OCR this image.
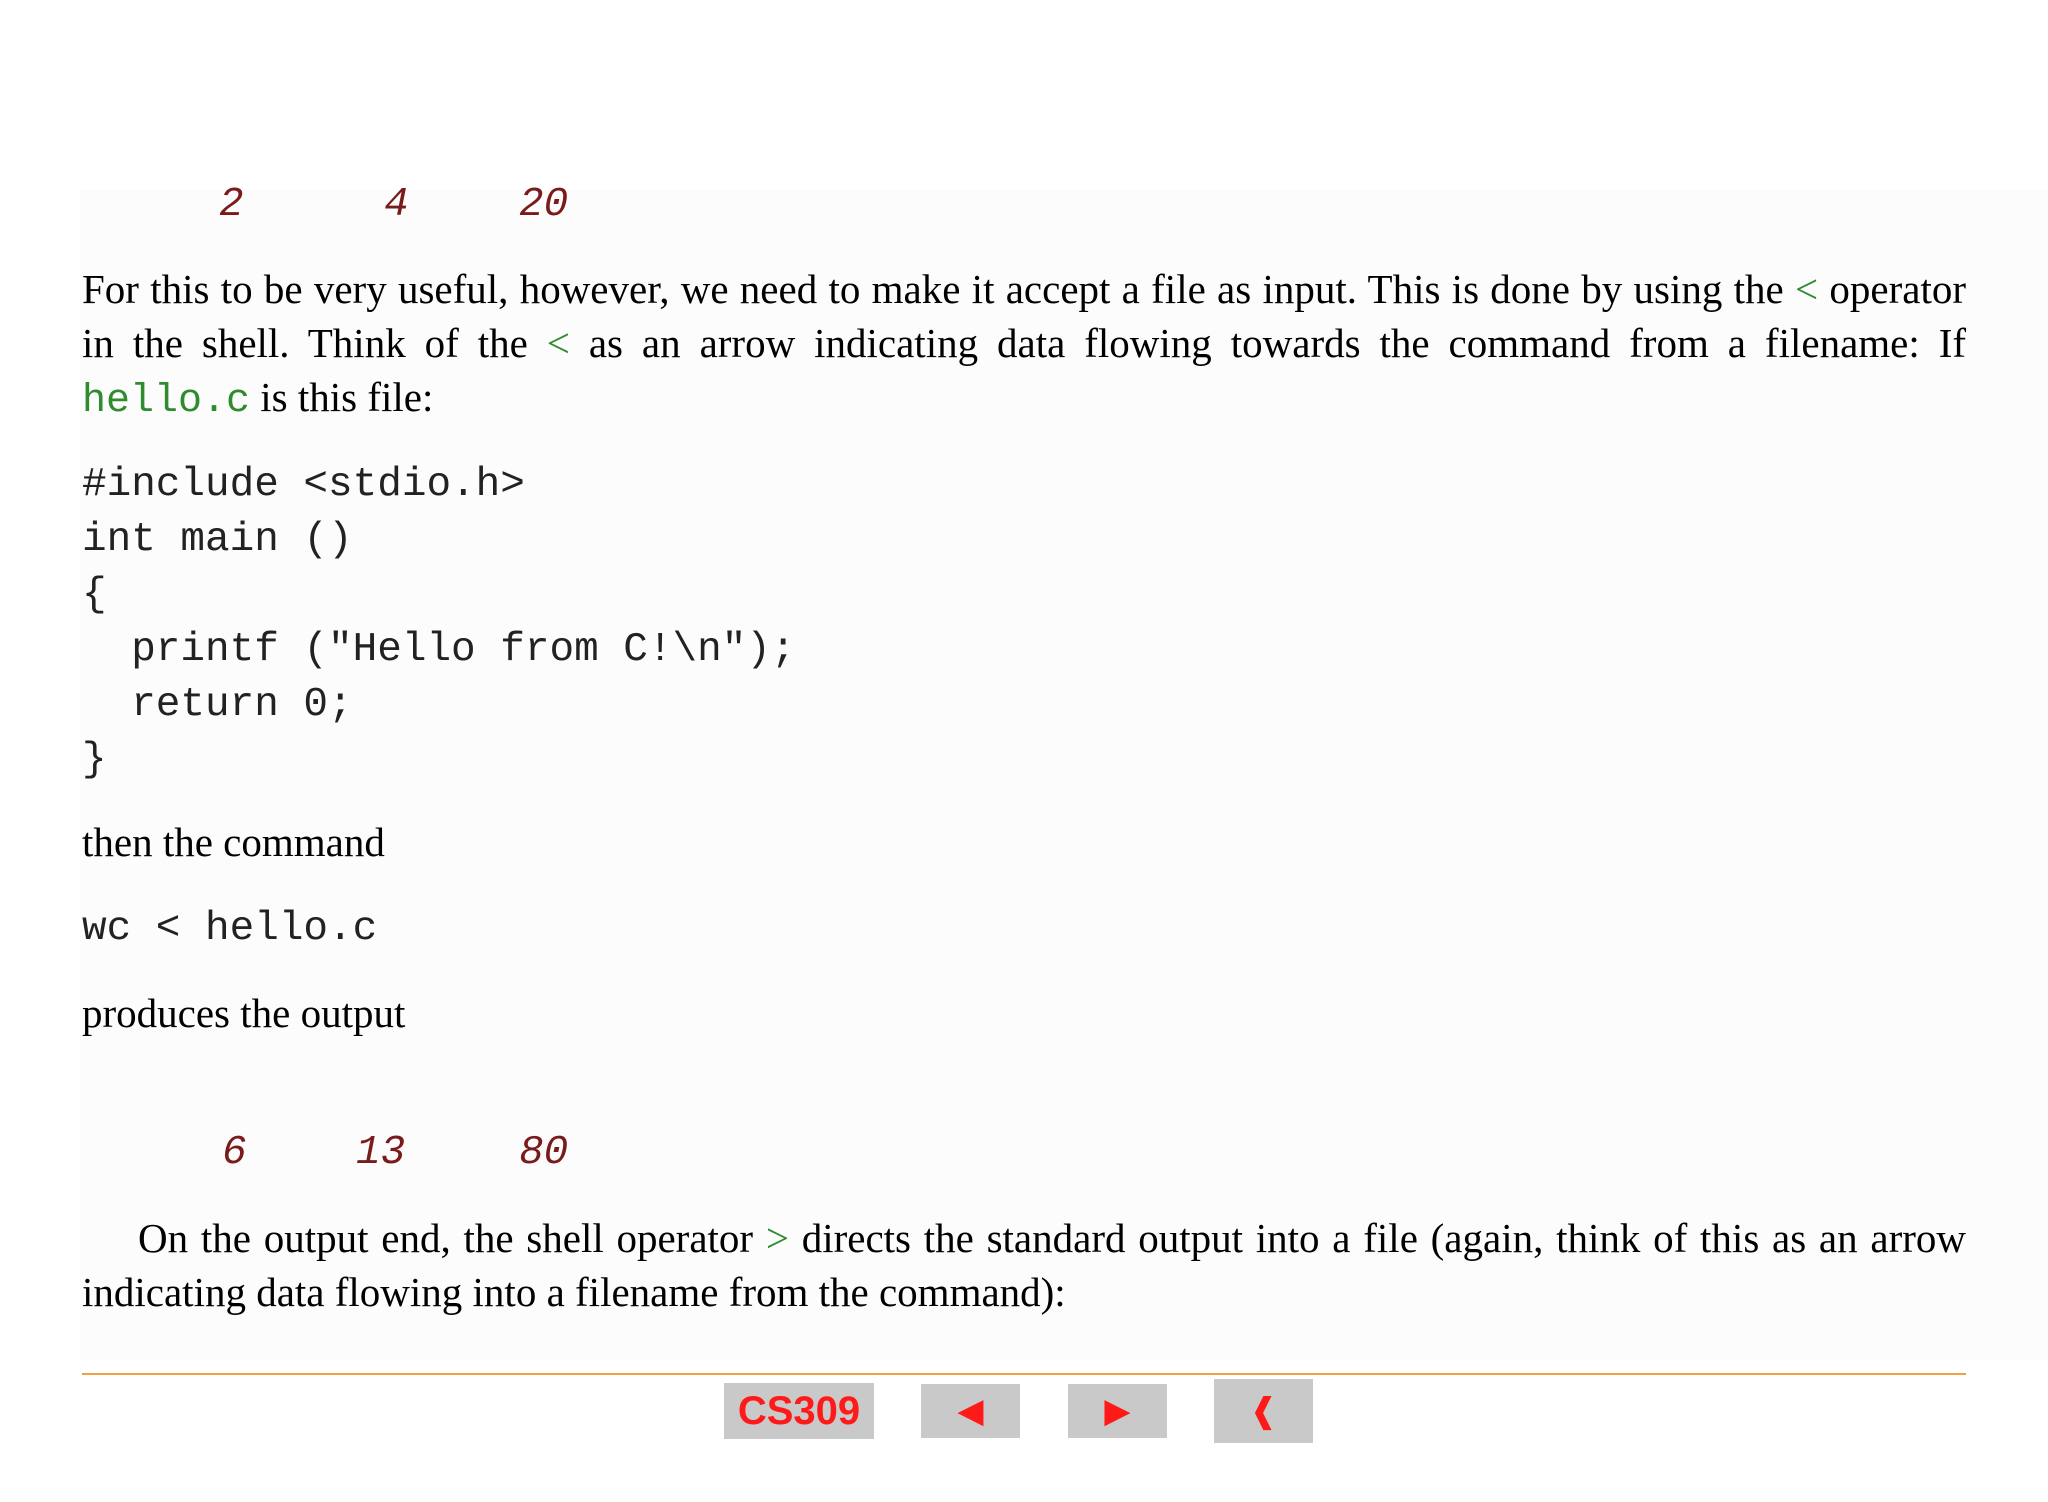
2	4	20
For this to be very useful, however, we need to make it accept a file as input. This is done by using the < operator in the shell. Think of the < as an arrow indicating data flowing towards the command from a filename: If hello.c is this file:
#include <stdio.h>
int main ()
{
printf ("Hello from C!\n");
return 0;
}
then the command
wc < hello.c
produces the output
6	13	80
On the output end, the shell operator > directs the standard output into a file (again, think of this as an arrow indicating data flowing into a filename from the command):
CS309	◀	▶	❰
